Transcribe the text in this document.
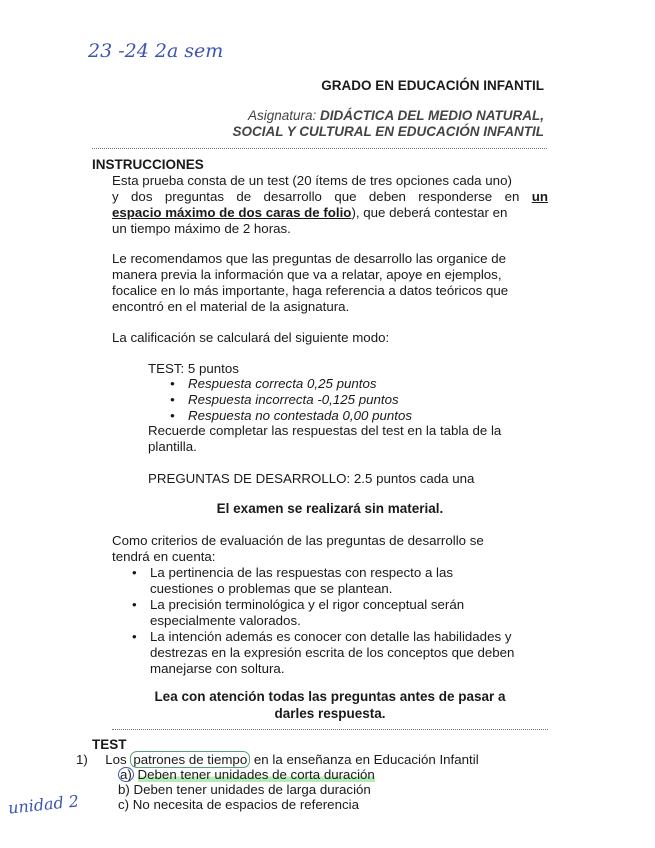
23 -24 2a sem
unidad 2
GRADO EN EDUCACIÓN INFANTIL
Asignatura: DIDÁCTICA DEL MEDIO NATURAL,
SOCIAL Y CULTURAL EN EDUCACIÓN INFANTIL
INSTRUCCIONES
Esta prueba consta de un test (20 ítems de tres opciones cada uno)
y dos preguntas de desarrollo que deben responderse en un
espacio máximo de dos caras de folio), que deberá contestar en
un tiempo máximo de 2 horas.
Le recomendamos que las preguntas de desarrollo las organice de
manera previa la información que va a relatar, apoye en ejemplos,
focalice en lo más importante, haga referencia a datos teóricos que
encontró en el material de la asignatura.
La calificación se calculará del siguiente modo:
TEST: 5 puntos
• Respuesta correcta 0,25 puntos
• Respuesta incorrecta -0,125 puntos
• Respuesta no contestada 0,00 puntos
Recuerde completar las respuestas del test en la tabla de la
plantilla.
PREGUNTAS DE DESARROLLO: 2.5 puntos cada una
El examen se realizará sin material.
Como criterios de evaluación de las preguntas de desarrollo se
tendrá en cuenta:
• La pertinencia de las respuestas con respecto a las
cuestiones o problemas que se plantean.
• La precisión terminológica y el rigor conceptual serán
especialmente valorados.
• La intención además es conocer con detalle las habilidades y
destrezas en la expresión escrita de los conceptos que deben
manejarse con soltura.
Lea con atención todas las preguntas antes de pasar a
darles respuesta.
TEST
1) Los patrones de tiempo en la enseñanza en Educación Infantil
a) Deben tener unidades de corta duración
b) Deben tener unidades de larga duración
c) No necesita de espacios de referencia
